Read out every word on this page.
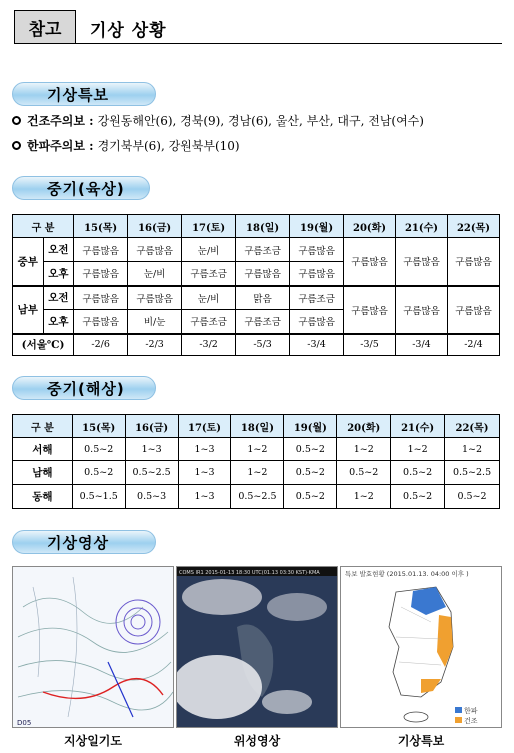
참고	기상 상황
기상특보
건조주의보 : 강원동해안(6), 경북(9), 경남(6), 울산, 부산, 대구, 전남(여수)
한파주의보 : 경기북부(6), 강원북부(10)
중기(육상)
구 분		15(목)	16(금)	17(토)	18(일)	19(월)	20(화)	21(수)	22(목)
중부	오전	구름많음	구름많음	눈/비	구름조금	구름많음	구름많음	구름많음	구름많음
	오후	구름많음	눈/비	구름조금	구름많음	구름많음			
남부	오전	구름많음	구름많음	눈/비	맑음	구름조금	구름많음	구름많음	구름많음
	오후	구름많음	비/눈	구름조금	구름조금	구름많음			
(서울℃)		-2/6	-2/3	-3/2	-5/3	-3/4	-3/5	-3/4	-2/4
중기(해상)
구 분	15(목)	16(금)	17(토)	18(일)	19(월)	20(화)	21(수)	22(목)
서해	0.5~2	1~3	1~3	1~2	0.5~2	1~2	1~2	1~2
남해	0.5~2	0.5~2.5	1~3	1~2	0.5~2	0.5~2	0.5~2	0.5~2.5
동해	0.5~1.5	0.5~3	1~3	0.5~2.5	0.5~2	1~2	0.5~2	0.5~2
기상영상
D05
COMS IR1 2015-01-13 18:30 UTC(01.13 03:30 KST)·KMA	특보 발효현황 (2015.01.13. 04:00 이후 )
한파
건조
지상일기도	위성영상	기상특보
